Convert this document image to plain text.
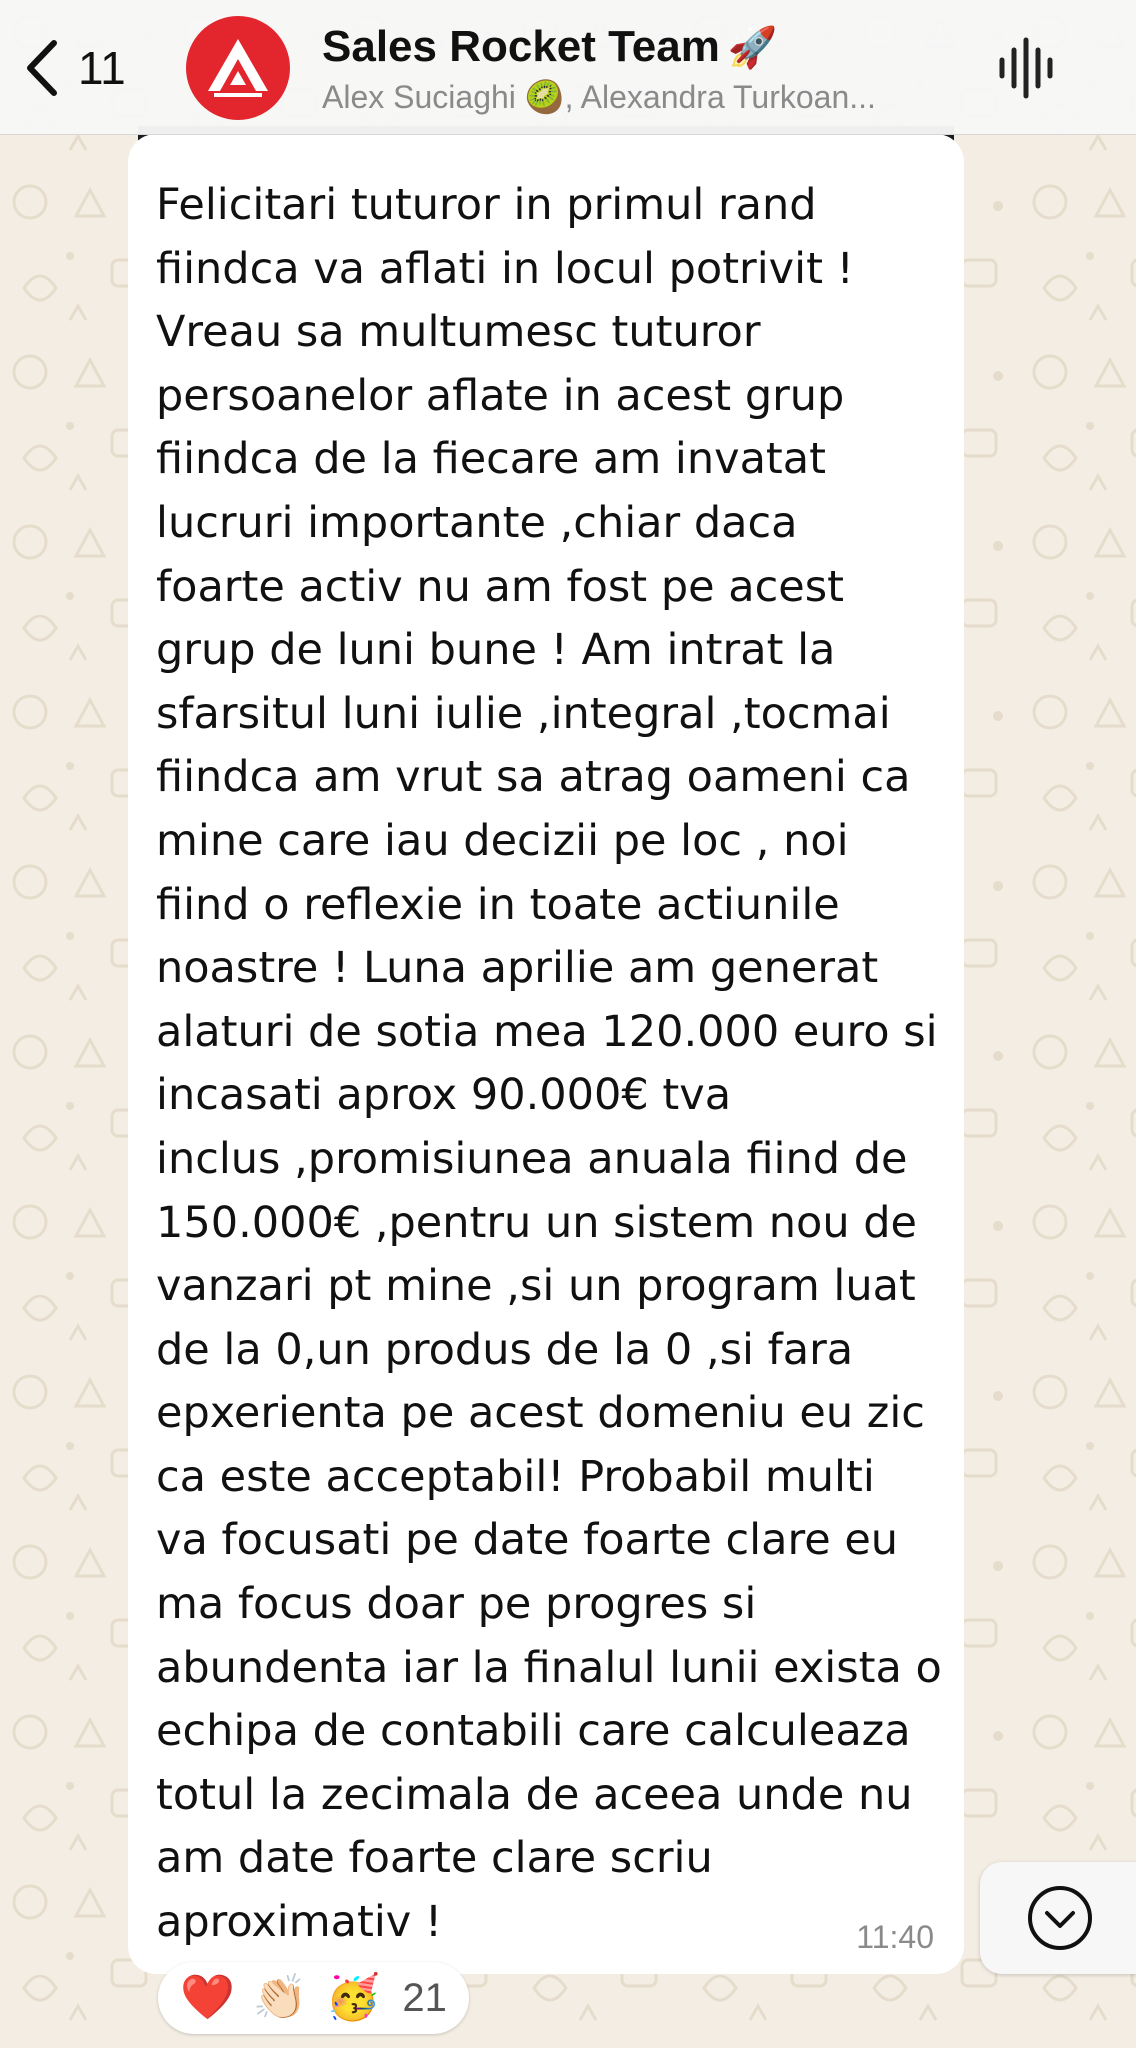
11	Sales Rocket Team 🚀
Alex Suciaghi 🥝, Alexandra Turkoan...
Felicitari tuturor in primul rand
fiindca va aflati in locul potrivit !
Vreau sa multumesc tuturor
persoanelor aflate in acest grup
fiindca de la fiecare am invatat
lucruri importante ,chiar daca
foarte activ nu am fost pe acest
grup de luni bune ! Am intrat la
sfarsitul luni iulie ,integral ,tocmai
fiindca am vrut sa atrag oameni ca
mine care iau decizii pe loc , noi
fiind o reflexie in toate actiunile
noastre ! Luna aprilie am generat
alaturi de sotia mea 120.000 euro si
incasati aprox 90.000€ tva
inclus ,promisiunea anuala fiind de
150.000€ ,pentru un sistem nou de
vanzari pt mine ,si un program luat
de la 0,un produs de la 0 ,si fara
epxerienta pe acest domeniu eu zic
ca este acceptabil! Probabil multi
va focusati pe date foarte clare eu
ma focus doar pe progres si
abundenta iar la finalul lunii exista o
echipa de contabili care calculeaza
totul la zecimala de aceea unde nu
am date foarte clare scriu
aproximativ !	11:40
❤️ 👏🏻 🥳 21
